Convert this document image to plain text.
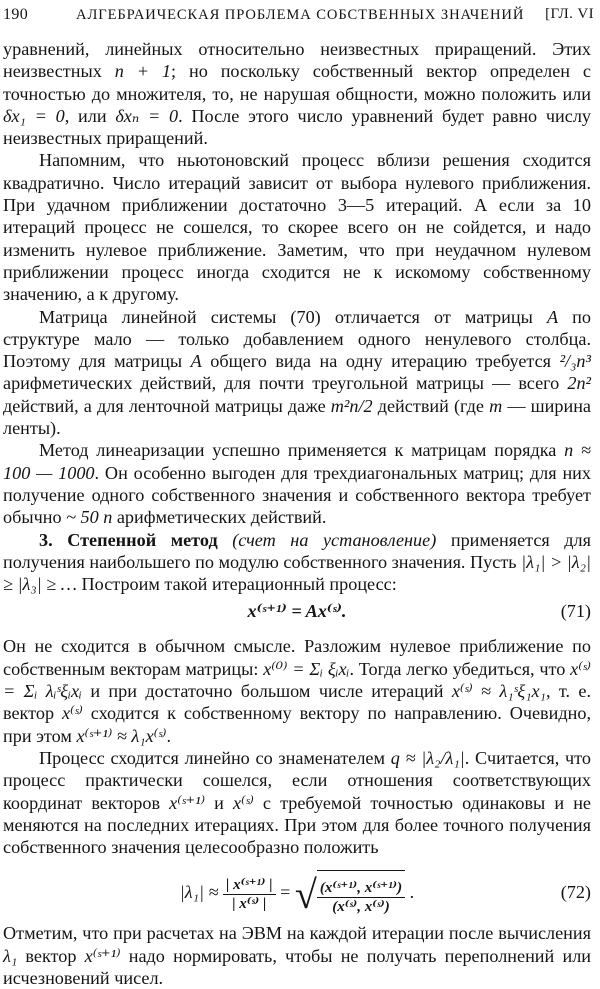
190	АЛГЕБРАИЧЕСКАЯ ПРОБЛЕМА СОБСТВЕННЫХ ЗНАЧЕНИЙ [ГЛ. VI

уравнений, линейных относительно неизвестных приращений. Этих неизвестных n + 1; но поскольку собственный вектор определен с точностью до множителя, то, не нарушая общности, можно положить или δx₁ = 0, или δxₙ = 0. После этого число уравнений будет равно числу неизвестных приращений.

Напомним, что ньютоновский процесс вблизи решения сходится квадратично. Число итераций зависит от выбора нулевого приближения. При удачном приближении достаточно 3—5 итераций. А если за 10 итераций процесс не сошелся, то скорее всего он не сойдется, и надо изменить нулевое приближение. Заметим, что при неудачном нулевом приближении процесс иногда сходится не к искомому собственному значению, а к другому.

Матрица линейной системы (70) отличается от матрицы A по структуре мало — только добавлением одного ненулевого столбца. Поэтому для матрицы A общего вида на одну итерацию требуется ²/₃n³ арифметических действий, для почти треугольной матрицы — всего 2n² действий, а для ленточной матрицы даже m²n/2 действий (где m — ширина ленты).

Метод линеаризации успешно применяется к матрицам порядка n ≈ 100 — 1000. Он особенно выгоден для трехдиагональных матриц; для них получение одного собственного значения и собственного вектора требует обычно ~ 50 n арифметических действий.

3. Степенной метод (счет на установление) применяется для получения наибольшего по модулю собственного значения. Пусть |λ₁| > |λ₂| ≥ |λ₃| ≥ … Построим такой итерационный процесс:

x⁽ˢ⁺¹⁾ = Ax⁽ˢ⁾.	(71)

Он не сходится в обычном смысле. Разложим нулевое приближение по собственным векторам матрицы: x⁽⁰⁾ = Σᵢ ξᵢxᵢ. Тогда легко убедиться, что x⁽ˢ⁾ = Σᵢ λᵢˢξᵢxᵢ и при достаточно большом числе итераций x⁽ˢ⁾ ≈ λ₁ˢξ₁x₁, т. е. вектор x⁽ˢ⁾ сходится к собственному вектору по направлению. Очевидно, при этом x⁽ˢ⁺¹⁾ ≈ λ₁x⁽ˢ⁾.

Процесс сходится линейно со знаменателем q ≈ |λ₂/λ₁|. Считается, что процесс практически сошелся, если отношения соответствующих координат векторов x⁽ˢ⁺¹⁾ и x⁽ˢ⁾ с требуемой точностью одинаковы и не меняются на последних итерациях. При этом для более точного получения собственного значения целесообразно положить

$|\lambda_1| \approx \frac{\text{| x⁽ˢ⁺¹⁾ |}}{\text{| x⁽ˢ⁾ |}}$ = √ $\frac{\text{(x⁽ˢ⁺¹⁾, x⁽ˢ⁺¹⁾)}}{\text{(x⁽ˢ⁾, x⁽ˢ⁾)}}$ .	(72)

Отметим, что при расчетах на ЭВМ на каждой итерации после вычисления λ₁ вектор x⁽ˢ⁺¹⁾ надо нормировать, чтобы не получать переполнений или исчезновений чисел.
